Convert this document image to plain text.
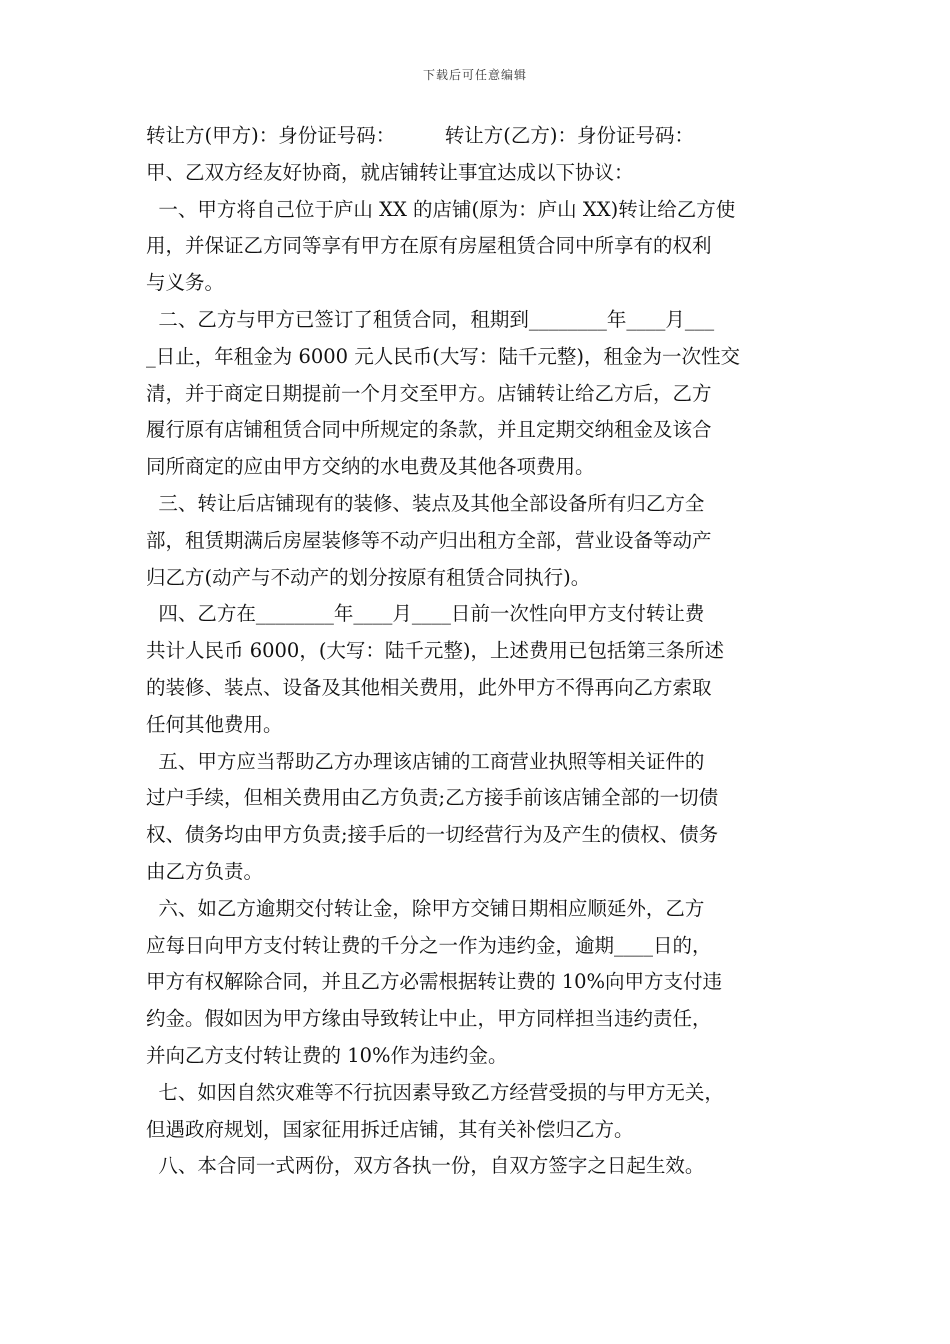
下载后可任意编辑
转让方(甲方)：身份证号码：        转让方(乙方)：身份证号码：
甲、乙双方经友好协商，就店铺转让事宜达成以下协议：
一、甲方将自己位于庐山 XX 的店铺(原为：庐山 XX)转让给乙方使
用，并保证乙方同等享有甲方在原有房屋租赁合同中所享有的权利
与义务。
二、乙方与甲方已签订了租赁合同，租期到________年____月___
_日止，年租金为 6000 元人民币(大写：陆千元整)，租金为一次性交
清，并于商定日期提前一个月交至甲方。店铺转让给乙方后，乙方
履行原有店铺租赁合同中所规定的条款，并且定期交纳租金及该合
同所商定的应由甲方交纳的水电费及其他各项费用。
三、转让后店铺现有的装修、装点及其他全部设备所有归乙方全
部，租赁期满后房屋装修等不动产归出租方全部，营业设备等动产
归乙方(动产与不动产的划分按原有租赁合同执行)。
四、乙方在________年____月____日前一次性向甲方支付转让费
共计人民币 6000，(大写：陆千元整)，上述费用已包括第三条所述
的装修、装点、设备及其他相关费用，此外甲方不得再向乙方索取
任何其他费用。
五、甲方应当帮助乙方办理该店铺的工商营业执照等相关证件的
过户手续，但相关费用由乙方负责;乙方接手前该店铺全部的一切债
权、债务均由甲方负责;接手后的一切经营行为及产生的债权、债务
由乙方负责。
六、如乙方逾期交付转让金，除甲方交铺日期相应顺延外，乙方
应每日向甲方支付转让费的千分之一作为违约金，逾期____日的，
甲方有权解除合同，并且乙方必需根据转让费的 10%向甲方支付违
约金。假如因为甲方缘由导致转让中止，甲方同样担当违约责任，
并向乙方支付转让费的 10%作为违约金。
七、如因自然灾难等不行抗因素导致乙方经营受损的与甲方无关，
但遇政府规划，国家征用拆迁店铺，其有关补偿归乙方。
八、本合同一式两份，双方各执一份，自双方签字之日起生效。
